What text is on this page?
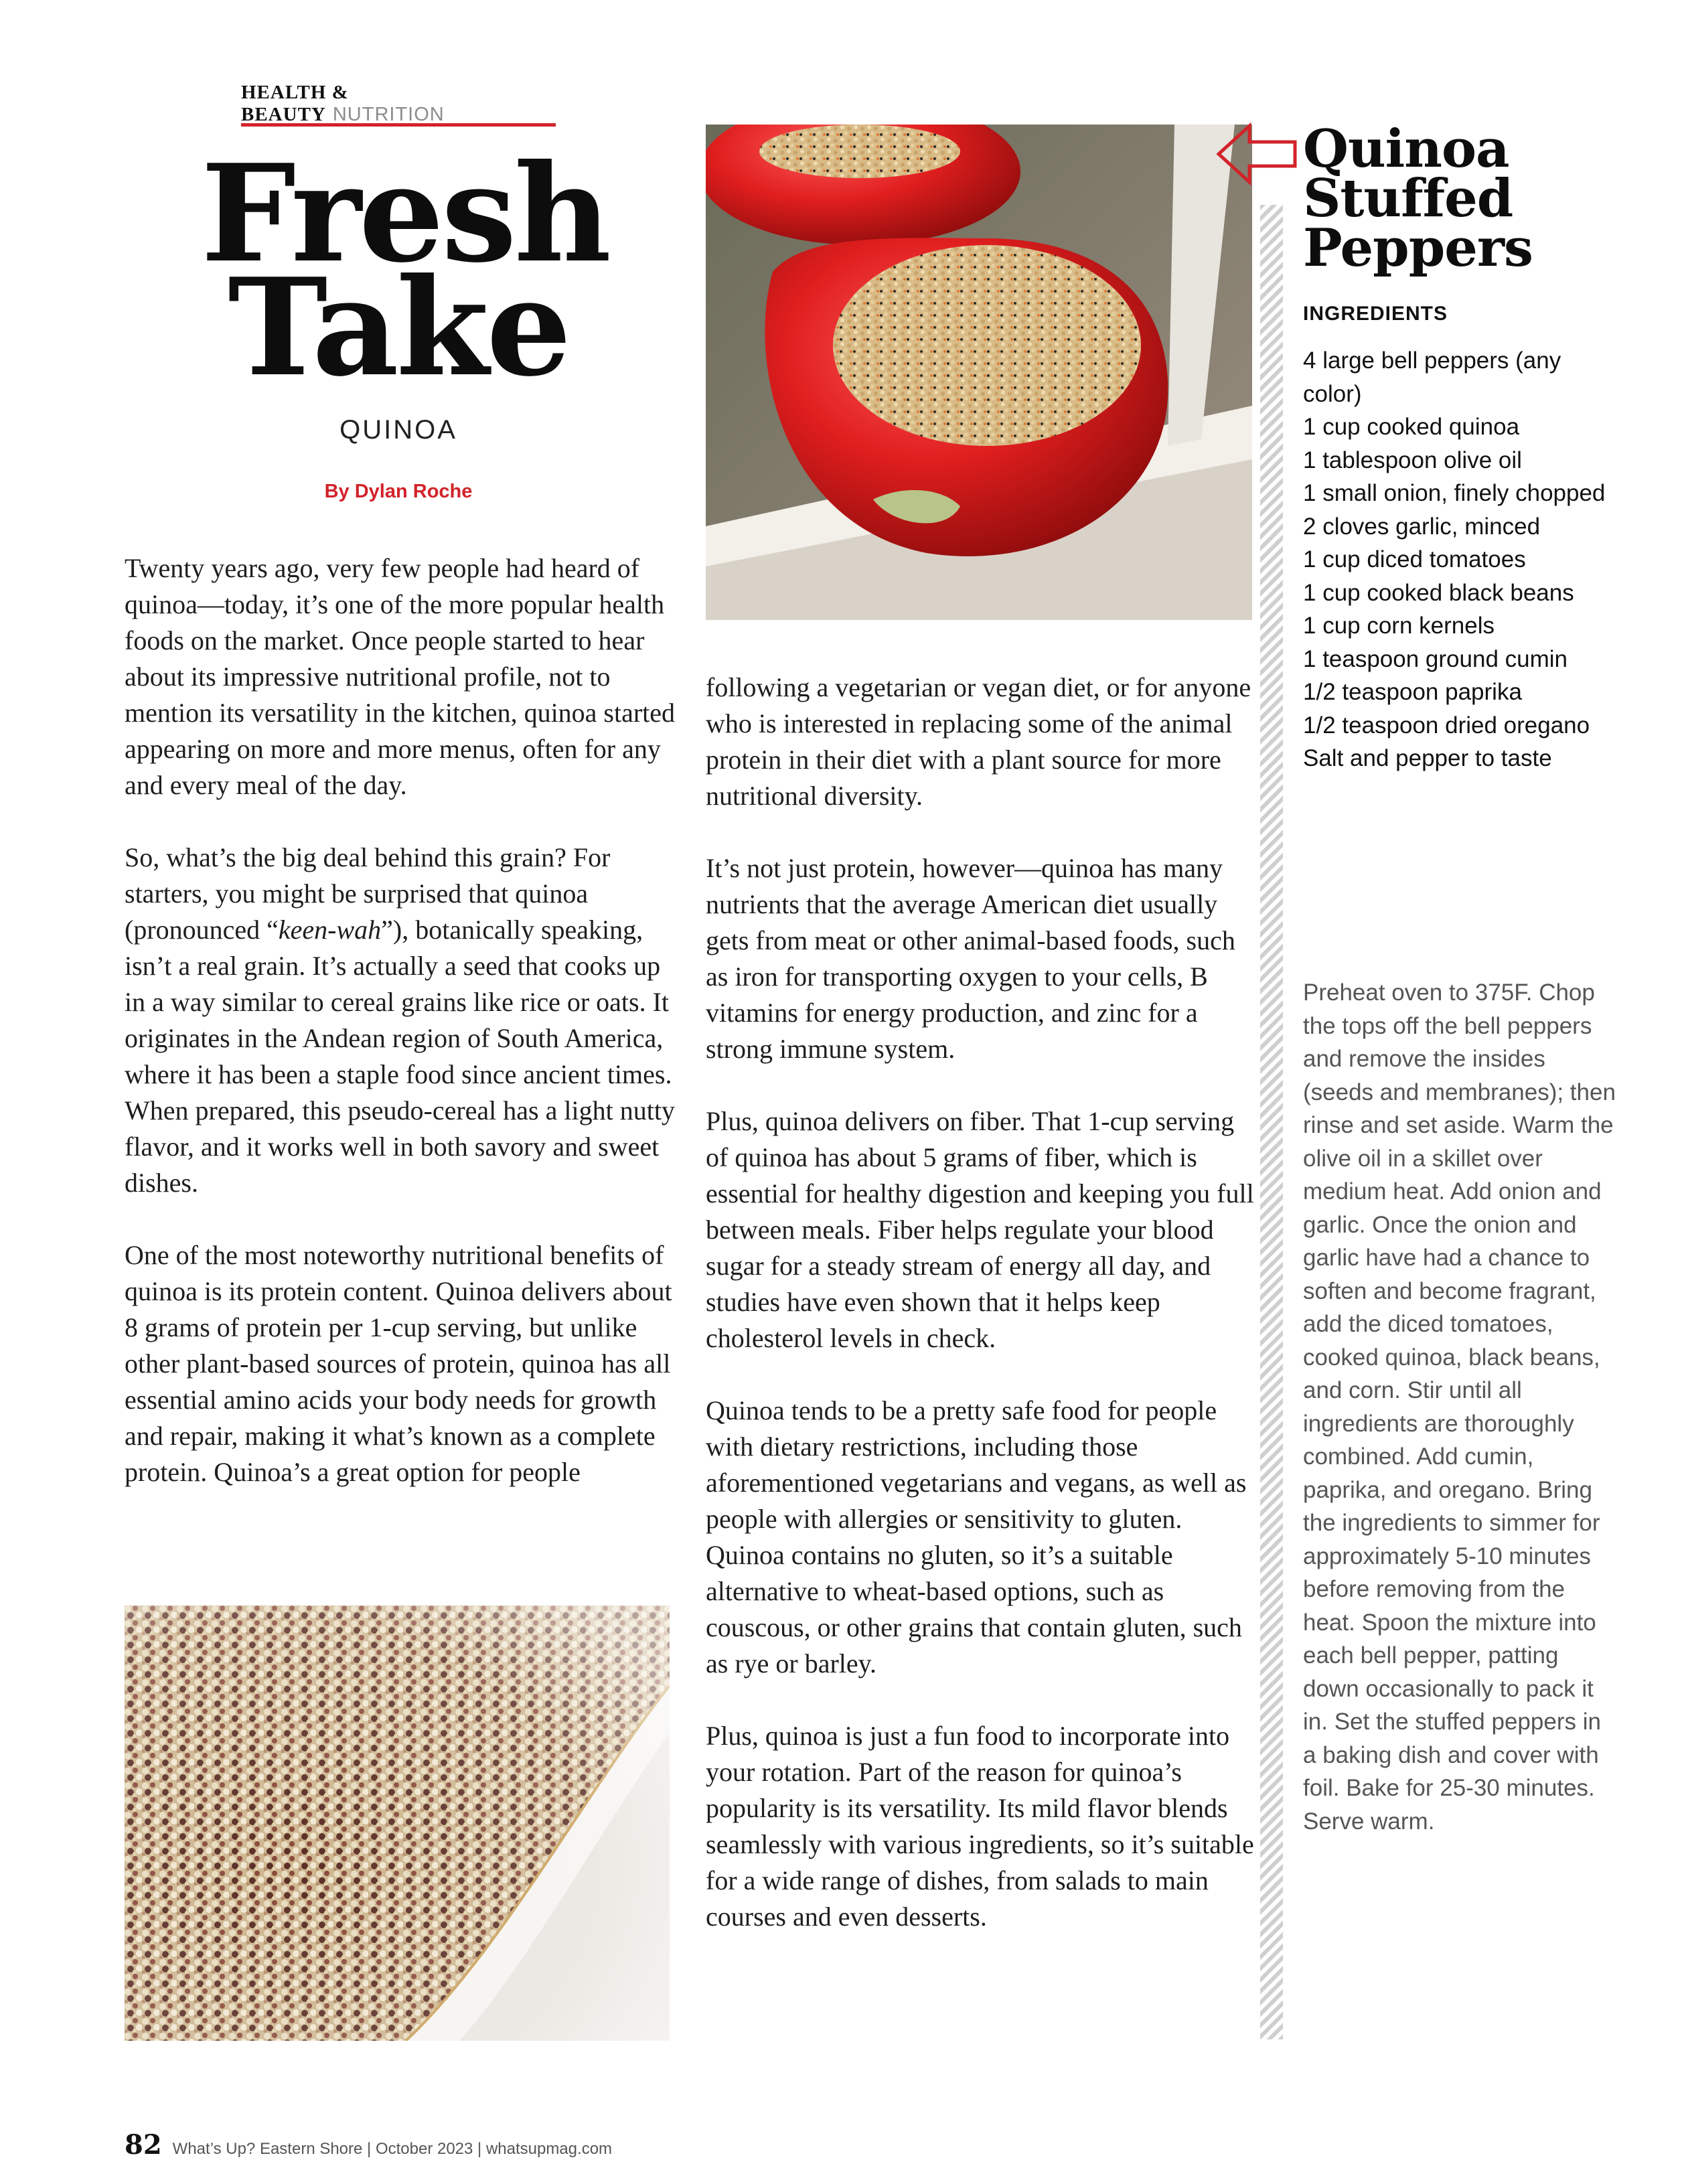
HEALTH & BEAUTY NUTRITION
Fresh
Take
QUINOA
By Dylan Roche

Twenty years ago, very few people had heard of quinoa—today, it’s one of the more popular health foods on the market. Once people started to hear about its impressive nutritional profile, not to mention its versatility in the kitchen, quinoa started appearing on more and more menus, often for any and every meal of the day.

So, what’s the big deal behind this grain? For starters, you might be surprised that quinoa (pronounced “keen-wah”), botanically speaking, isn’t a real grain. It’s actually a seed that cooks up in a way similar to cereal grains like rice or oats. It originates in the Andean region of South America, where it has been a staple food since ancient times. When prepared, this pseudo-cereal has a light nutty flavor, and it works well in both savory and sweet dishes.

One of the most noteworthy nutritional benefits of quinoa is its protein content. Quinoa delivers about 8 grams of protein per 1-cup serving, but unlike other plant-based sources of protein, quinoa has all essential amino acids your body needs for growth and repair, making it what’s known as a complete protein. Quinoa’s a great option for people

following a vegetarian or vegan diet, or for anyone who is interested in replacing some of the animal protein in their diet with a plant source for more nutritional diversity.

It’s not just protein, however—quinoa has many nutrients that the average American diet usually gets from meat or other animal-based foods, such as iron for transporting oxygen to your cells, B vitamins for energy production, and zinc for a strong immune system.

Plus, quinoa delivers on fiber. That 1-cup serving of quinoa has about 5 grams of fiber, which is essential for healthy digestion and keeping you full between meals. Fiber helps regulate your blood sugar for a steady stream of energy all day, and studies have even shown that it helps keep cholesterol levels in check.

Quinoa tends to be a pretty safe food for people with dietary restrictions, including those aforementioned vegetarians and vegans, as well as people with allergies or sensitivity to gluten. Quinoa contains no gluten, so it’s a suitable alternative to wheat-based options, such as couscous, or other grains that contain gluten, such as rye or barley.

Plus, quinoa is just a fun food to incorporate into your rotation. Part of the reason for quinoa’s popularity is its versatility. Its mild flavor blends seamlessly with various ingredients, so it’s suitable for a wide range of dishes, from salads to main courses and even desserts.

Quinoa
Stuffed
Peppers
INGREDIENTS
4 large bell peppers (any color)
1 cup cooked quinoa
1 tablespoon olive oil
1 small onion, finely chopped
2 cloves garlic, minced
1 cup diced tomatoes
1 cup cooked black beans
1 cup corn kernels
1 teaspoon ground cumin
1/2 teaspoon paprika
1/2 teaspoon dried oregano
Salt and pepper to taste
Preheat oven to 375F. Chop the tops off the bell peppers and remove the insides (seeds and membranes); then rinse and set aside. Warm the olive oil in a skillet over medium heat. Add onion and garlic. Once the onion and garlic have had a chance to soften and become fragrant, add the diced tomatoes, cooked quinoa, black beans, and corn. Stir until all ingredients are thoroughly combined. Add cumin, paprika, and oregano. Bring the ingredients to simmer for approximately 5-10 minutes before removing from the heat. Spoon the mixture into each bell pepper, patting down occasionally to pack it in. Set the stuffed peppers in a baking dish and cover with foil. Bake for 25-30 minutes. Serve warm.
82 What’s Up? Eastern Shore | October 2023 | whatsupmag.com
